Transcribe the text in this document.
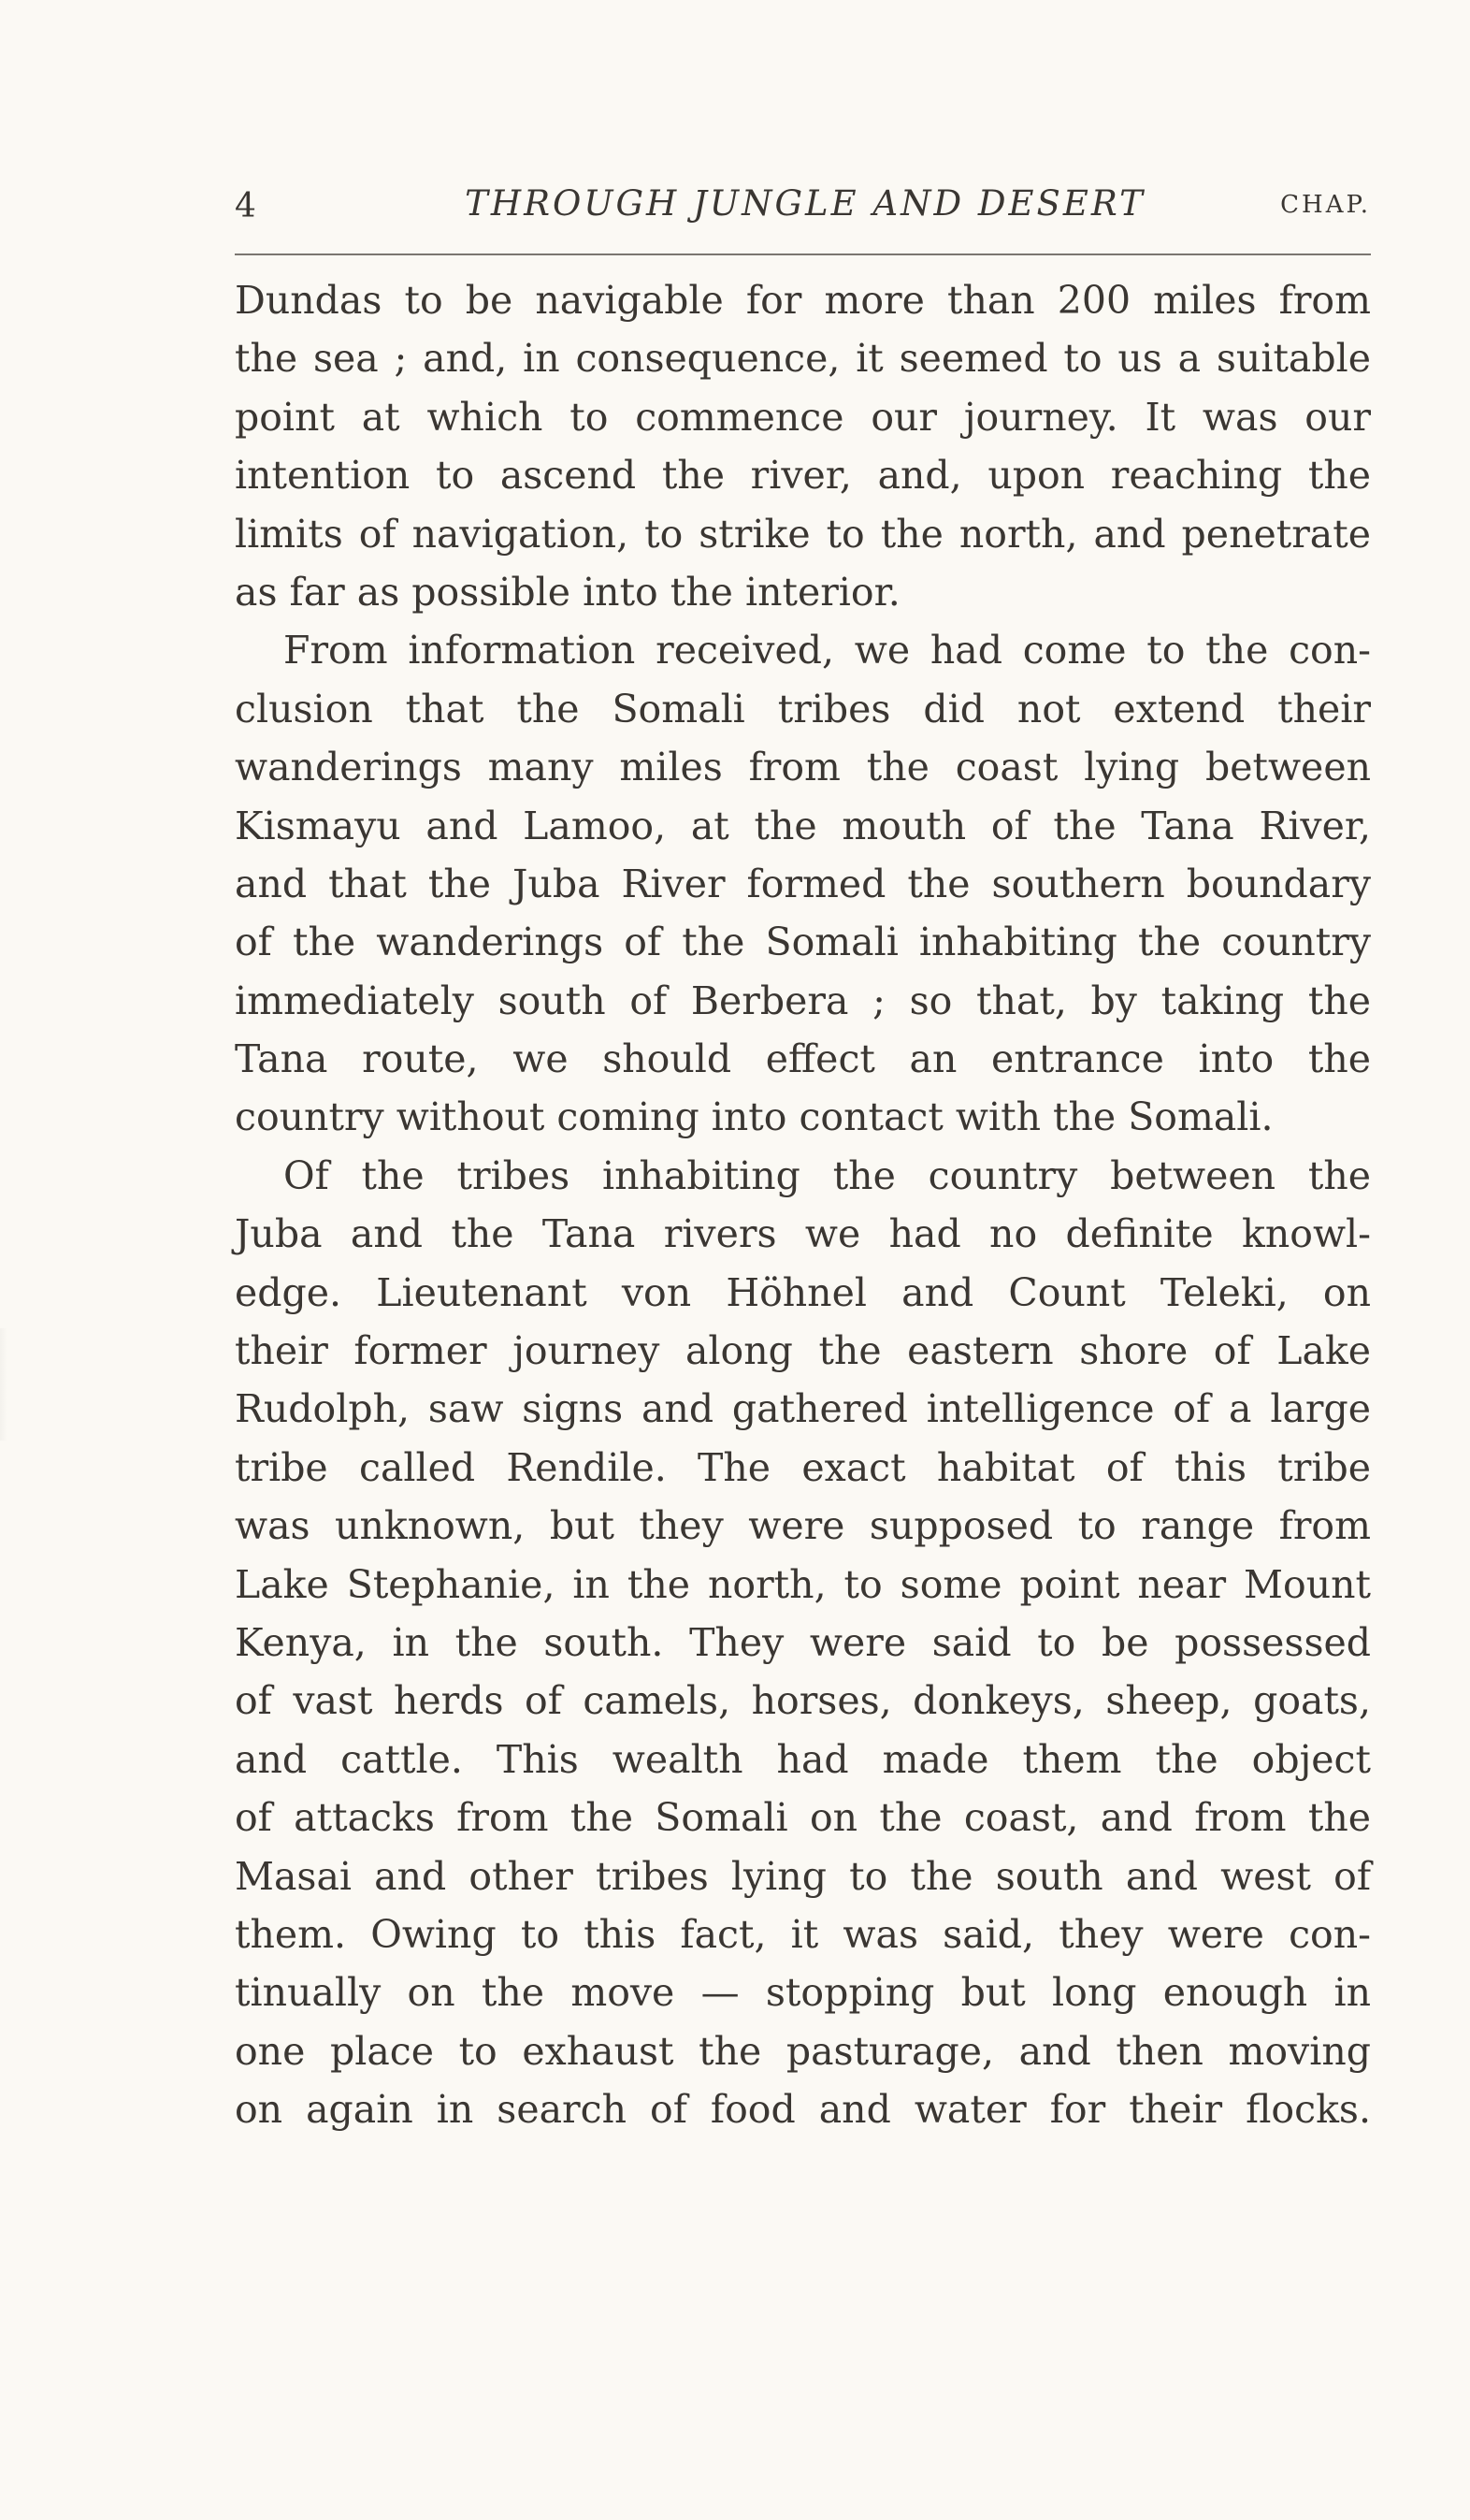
4	THROUGH JUNGLE AND DESERT	CHAP.
Dundas to be navigable for more than 200 miles from
the sea ; and, in consequence, it seemed to us a suitable
point at which to commence our journey. It was our
intention to ascend the river, and, upon reaching the
limits of navigation, to strike to the north, and penetrate
as far as possible into the interior.
From information received, we had come to the con-
clusion that the Somali tribes did not extend their
wanderings many miles from the coast lying between
Kismayu and Lamoo, at the mouth of the Tana River,
and that the Juba River formed the southern boundary
of the wanderings of the Somali inhabiting the country
immediately south of Berbera ; so that, by taking the
Tana route, we should effect an entrance into the
country without coming into contact with the Somali.
Of the tribes inhabiting the country between the
Juba and the Tana rivers we had no definite knowl-
edge. Lieutenant von Höhnel and Count Teleki, on
their former journey along the eastern shore of Lake
Rudolph, saw signs and gathered intelligence of a large
tribe called Rendile. The exact habitat of this tribe
was unknown, but they were supposed to range from
Lake Stephanie, in the north, to some point near Mount
Kenya, in the south. They were said to be possessed
of vast herds of camels, horses, donkeys, sheep, goats,
and cattle. This wealth had made them the object
of attacks from the Somali on the coast, and from the
Masai and other tribes lying to the south and west of
them. Owing to this fact, it was said, they were con-
tinually on the move — stopping but long enough in
one place to exhaust the pasturage, and then moving
on again in search of food and water for their flocks.
